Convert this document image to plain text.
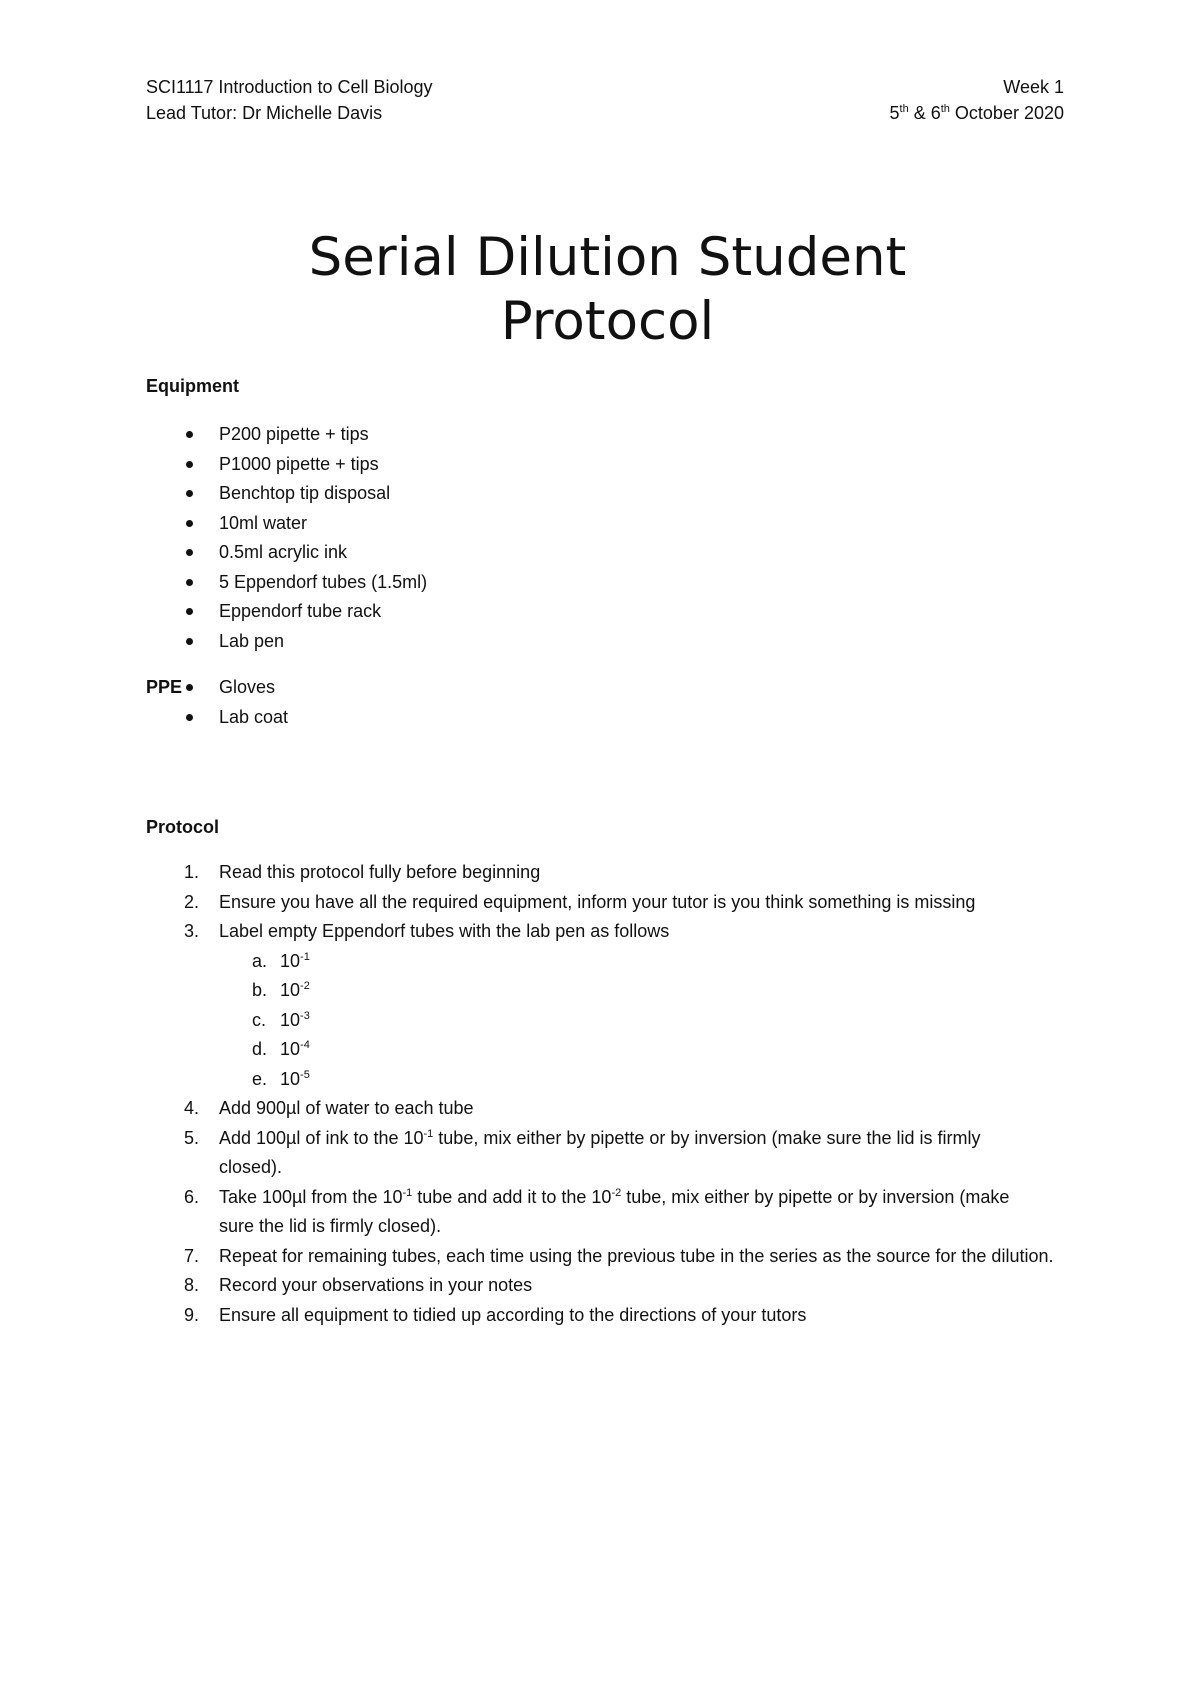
SCI1117 Introduction to Cell Biology	Week 1
Lead Tutor: Dr Michelle Davis	5th & 6th October 2020
Serial Dilution Student
Protocol
Equipment
P200 pipette + tips
P1000 pipette + tips
Benchtop tip disposal
10ml water
0.5ml acrylic ink
5 Eppendorf tubes (1.5ml)
Eppendorf tube rack
Lab pen
PPE Gloves
Lab coat
Protocol
1. Read this protocol fully before beginning
2. Ensure you have all the required equipment, inform your tutor is you think something is missing
3. Label empty Eppendorf tubes with the lab pen as follows
a. $10^{-1}$
b. $10^{-2}$
c. $10^{-3}$
d. $10^{-4}$
e. $10^{-5}$
4. Add 900µl of water to each tube
5. Add 100µl of ink to the $10^{-1}$ tube, mix either by pipette or by inversion (make sure the lid is firmly closed).
6. Take 100µl from the $10^{-1}$ tube and add it to the $10^{-2}$ tube, mix either by pipette or by inversion (make sure the lid is firmly closed).
7. Repeat for remaining tubes, each time using the previous tube in the series as the source for the dilution.
8. Record your observations in your notes
9. Ensure all equipment to tidied up according to the directions of your tutors
